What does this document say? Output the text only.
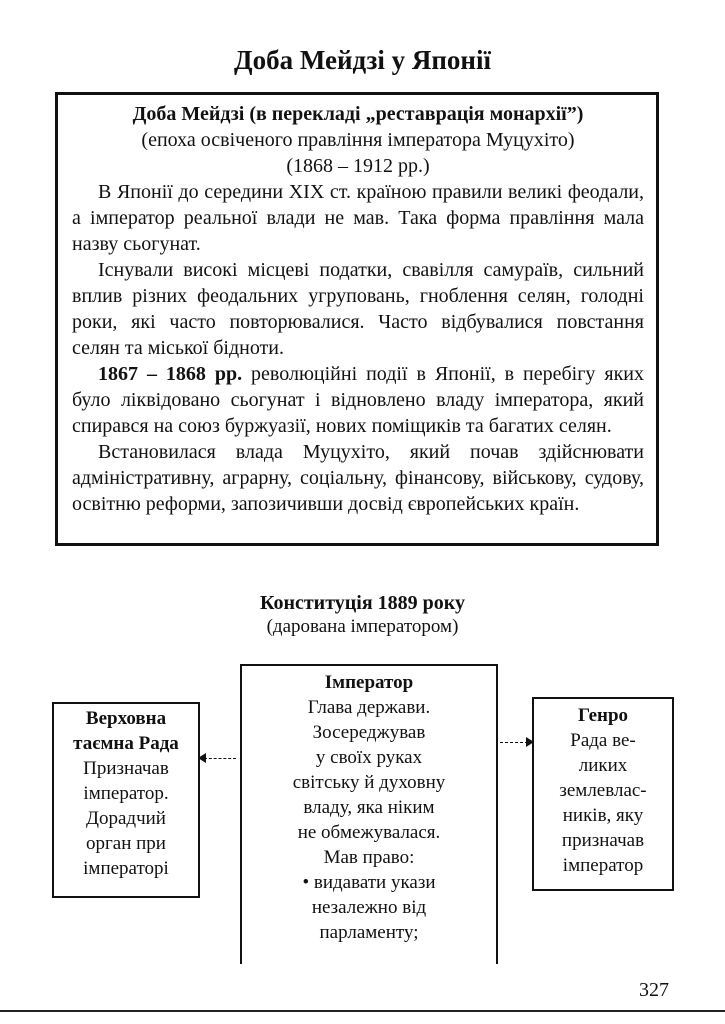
Доба Мейдзі у Японії
Доба Мейдзі (в перекладі „реставрація монархії”)
(епоха освіченого правління імператора Муцухіто)
(1868 – 1912 рр.)

В Японії до середини XIX ст. країною правили великі феодали, а імператор реальної влади не мав. Така форма правління мала назву сьогунат.

Існували високі місцеві податки, свавілля самураїв, сильний вплив різних феодальних угруповань, гноблення селян, голодні роки, які часто повторювалися. Часто відбувалися повстання селян та міської бідноти.

1867 – 1868 рр. революційні події в Японії, в перебігу яких було ліквідовано сьогунат і відновлено владу імператора, який спирався на союз буржуазії, нових поміщиків та багатих селян.

Встановилася влада Муцухіто, який почав здійснювати адміністративну, аграрну, соціальну, фінансову, військову, судову, освітню реформи, запозичивши досвід європейських країн.

Конституція 1889 року
(дарована імператором)
Верховна
таємна Рада
Призначав
імператор.
Дорадчий
орган при
імператорі
Імператор
Глава держави.
Зосереджував
у своїх руках
світську й духовну
владу, яка ніким
не обмежувалася.
Мав право:
• видавати укази
незалежно від
парламенту;
Генро
Рада ве-
ликих
землевлас-
ників, яку
призначав
імператор
327
